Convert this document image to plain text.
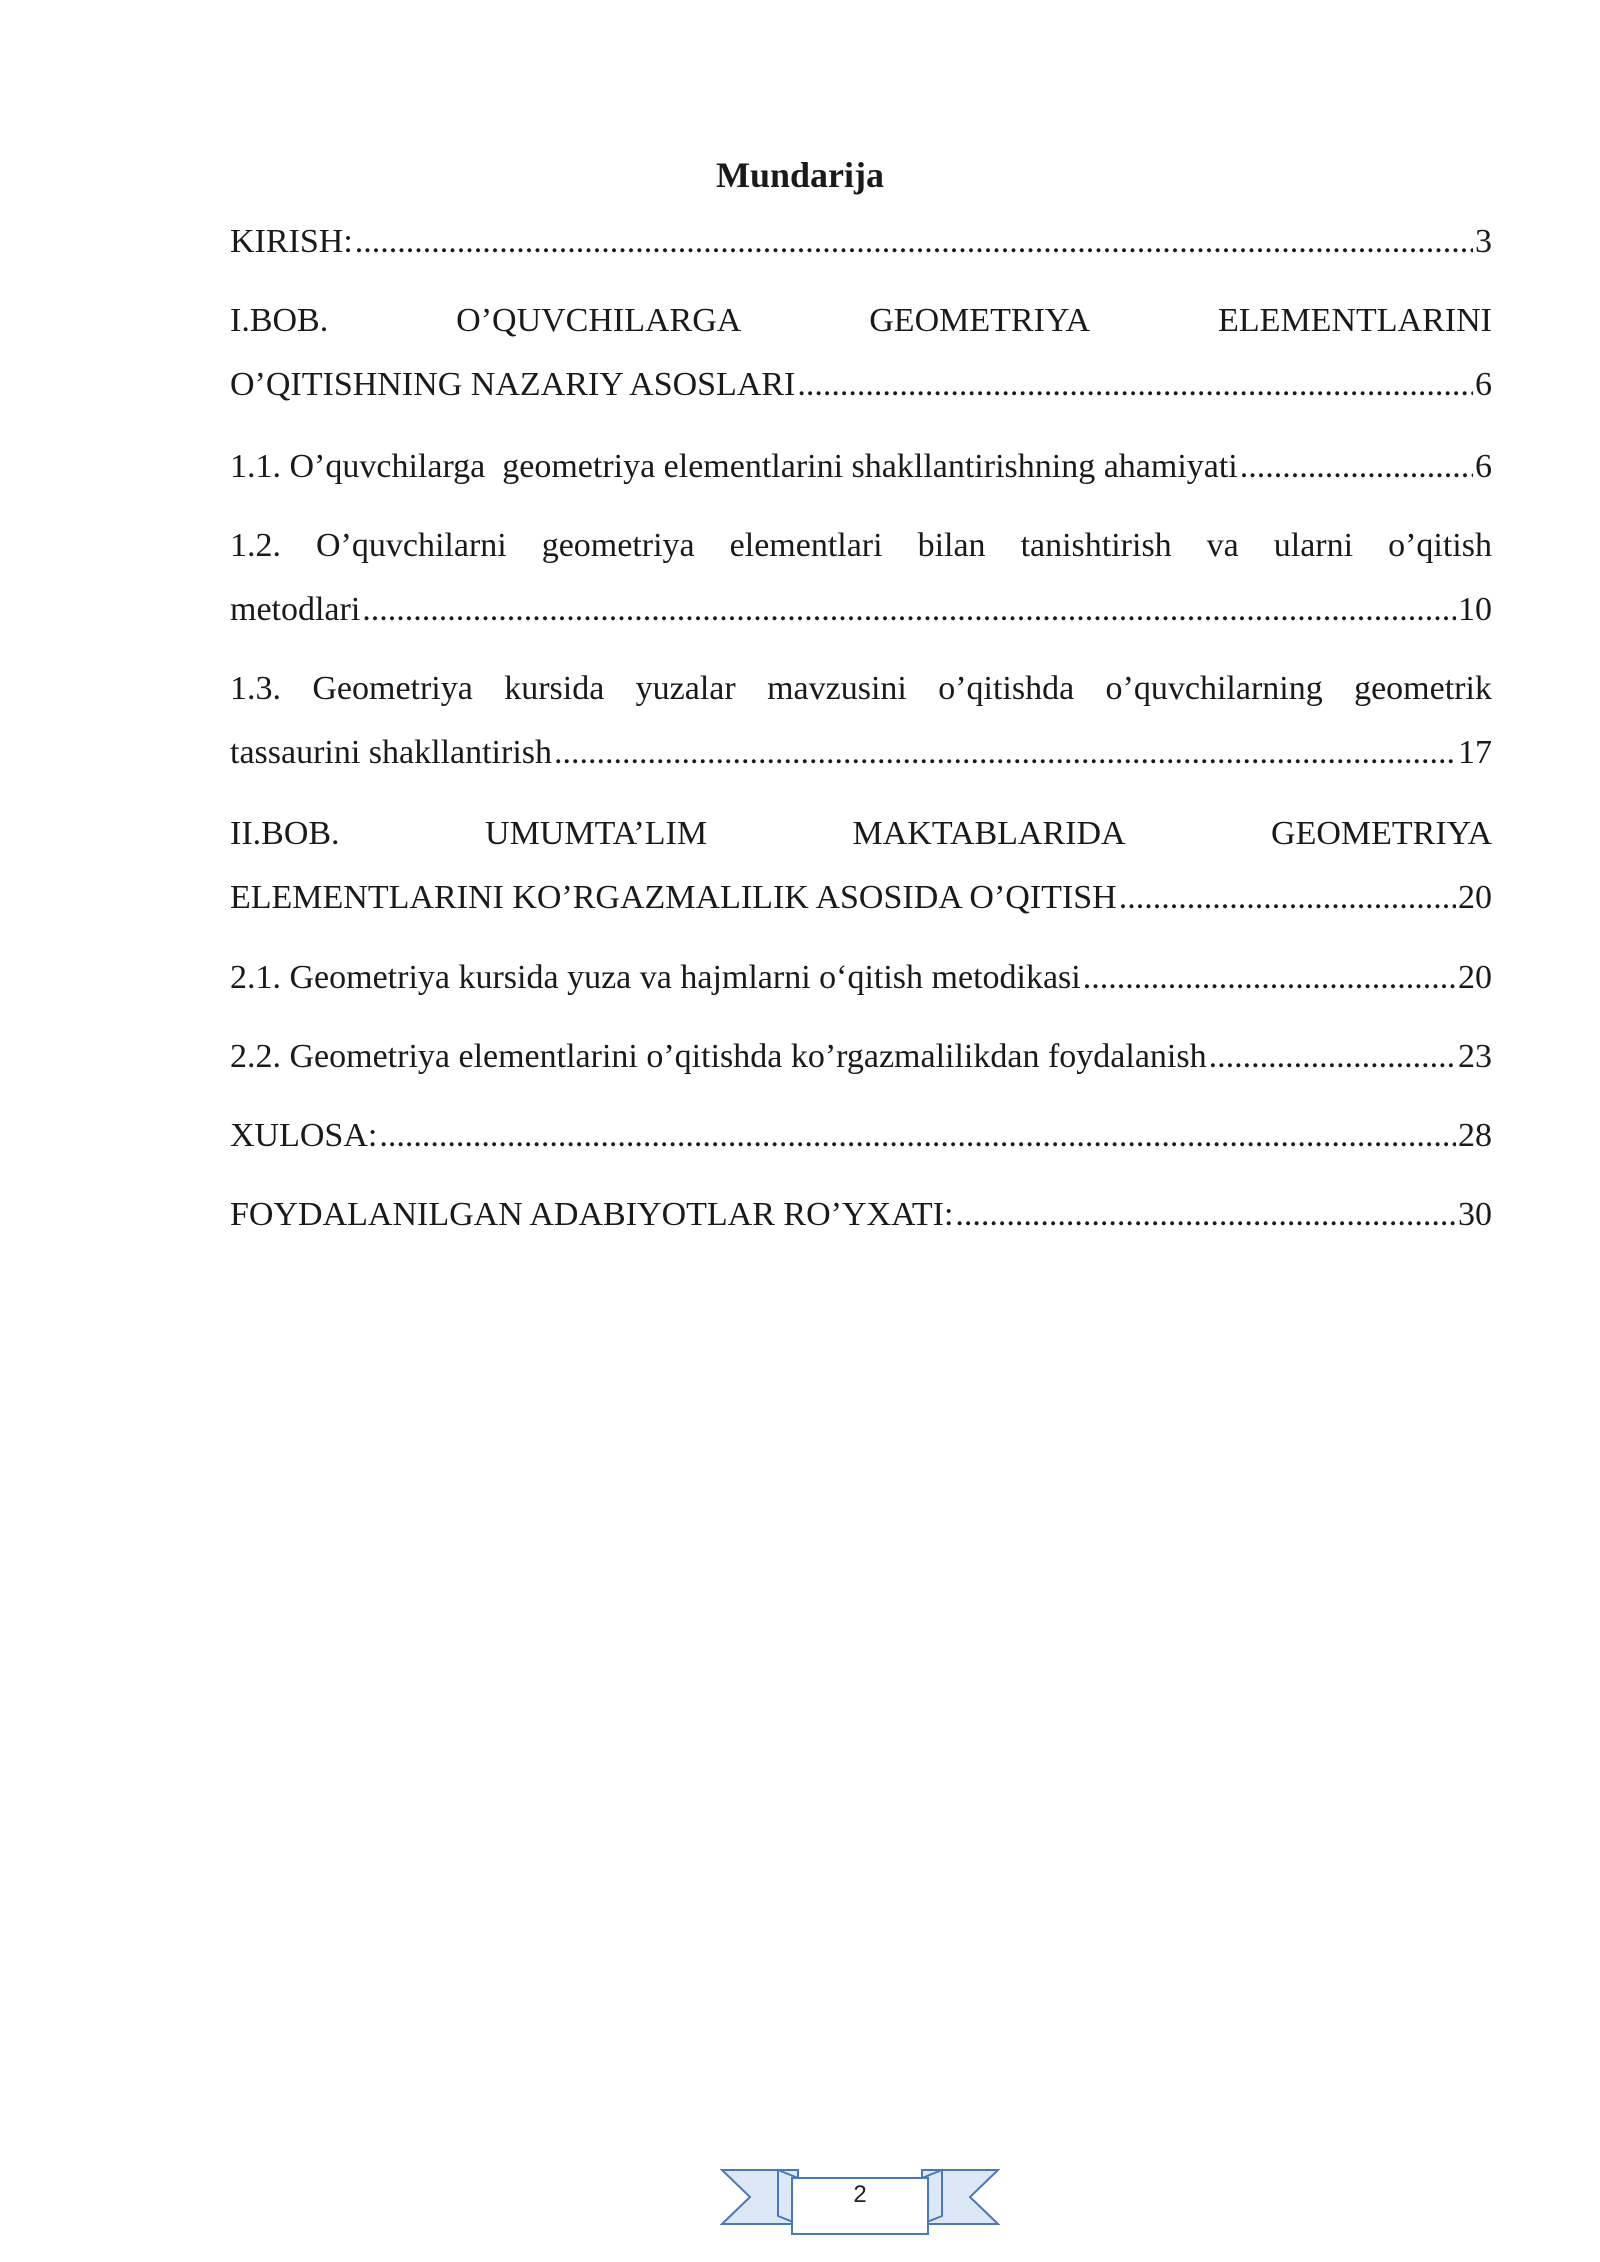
Mundarija
KIRISH: .....	3
I.BOB.	O’QUVCHILARGA	GEOMETRIYA	ELEMENTLARINI
O’QITISHNING NAZARIY ASOSLARI .....	6
1.1. O’quvchilarga  geometriya elementlarini shakllantirishning ahamiyati .....	6
1.2. O’quvchilarni geometriya elementlari bilan tanishtirish va ularni o’qitish
metodlari .....	10
1.3. Geometriya kursida yuzalar mavzusini o’qitishda o’quvchilarning geometrik
tassaurini shakllantirish .....	17
II.BOB.	UMUMTA’LIM	MAKTABLARIDA	GEOMETRIYA
ELEMENTLARINI KO’RGAZMALILIK ASOSIDA O’QITISH .....	20
2.1. Geometriya kursida yuza va hajmlarni o‘qitish metodikasi .....	20
2.2. Geometriya elementlarini o’qitishda ko’rgazmalilikdan foydalanish .....	23
XULOSA: .....	28
FOYDALANILGAN ADABIYOTLAR RO’YXATI: .....	30
2
